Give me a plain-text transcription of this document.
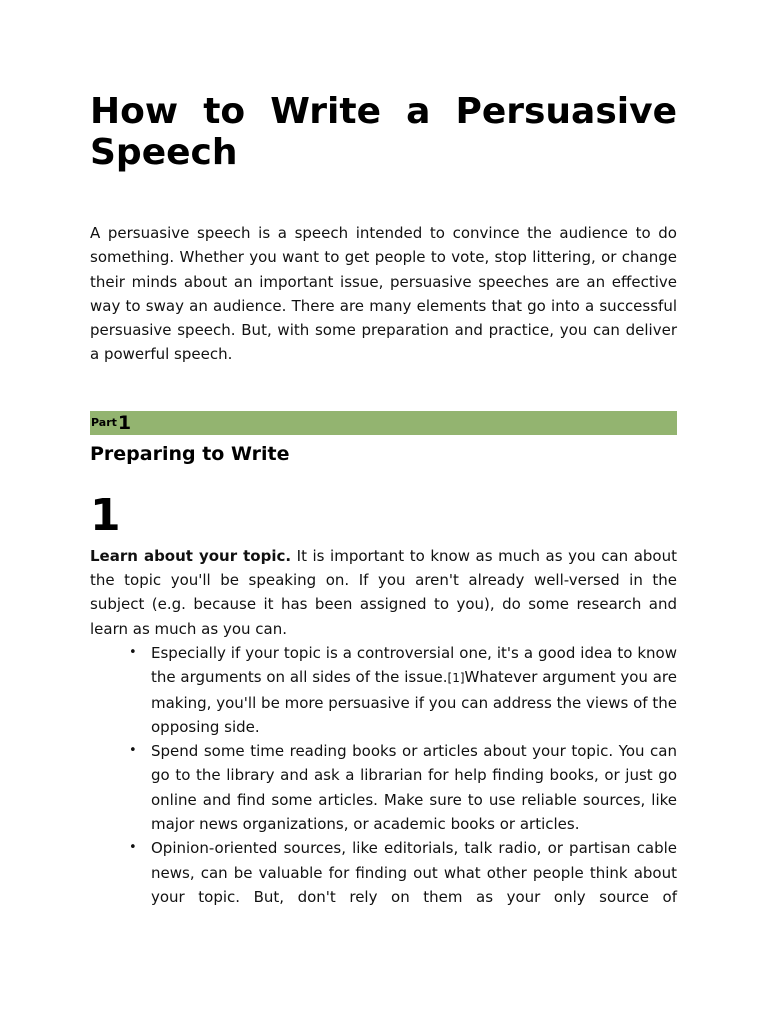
How to Write a Persuasive Speech

A persuasive speech is a speech intended to convince the audience to do something. Whether you want to get people to vote, stop littering, or change their minds about an important issue, persuasive speeches are an effective way to sway an audience. There are many elements that go into a successful persuasive speech. But, with some preparation and practice, you can deliver a powerful speech.

Part 1
Preparing to Write
1

Learn about your topic. It is important to know as much as you can about the topic you'll be speaking on. If you aren't already well-versed in the subject (e.g. because it has been assigned to you), do some research and learn as much as you can.

• Especially if your topic is a controversial one, it's a good idea to know the arguments on all sides of the issue.[1]Whatever argument you are making, you'll be more persuasive if you can address the views of the opposing side.
• Spend some time reading books or articles about your topic. You can go to the library and ask a librarian for help finding books, or just go online and find some articles. Make sure to use reliable sources, like major news organizations, or academic books or articles.
• Opinion-oriented sources, like editorials, talk radio, or partisan cable news, can be valuable for finding out what other people think about your topic. But, don't rely on them as your only source of
